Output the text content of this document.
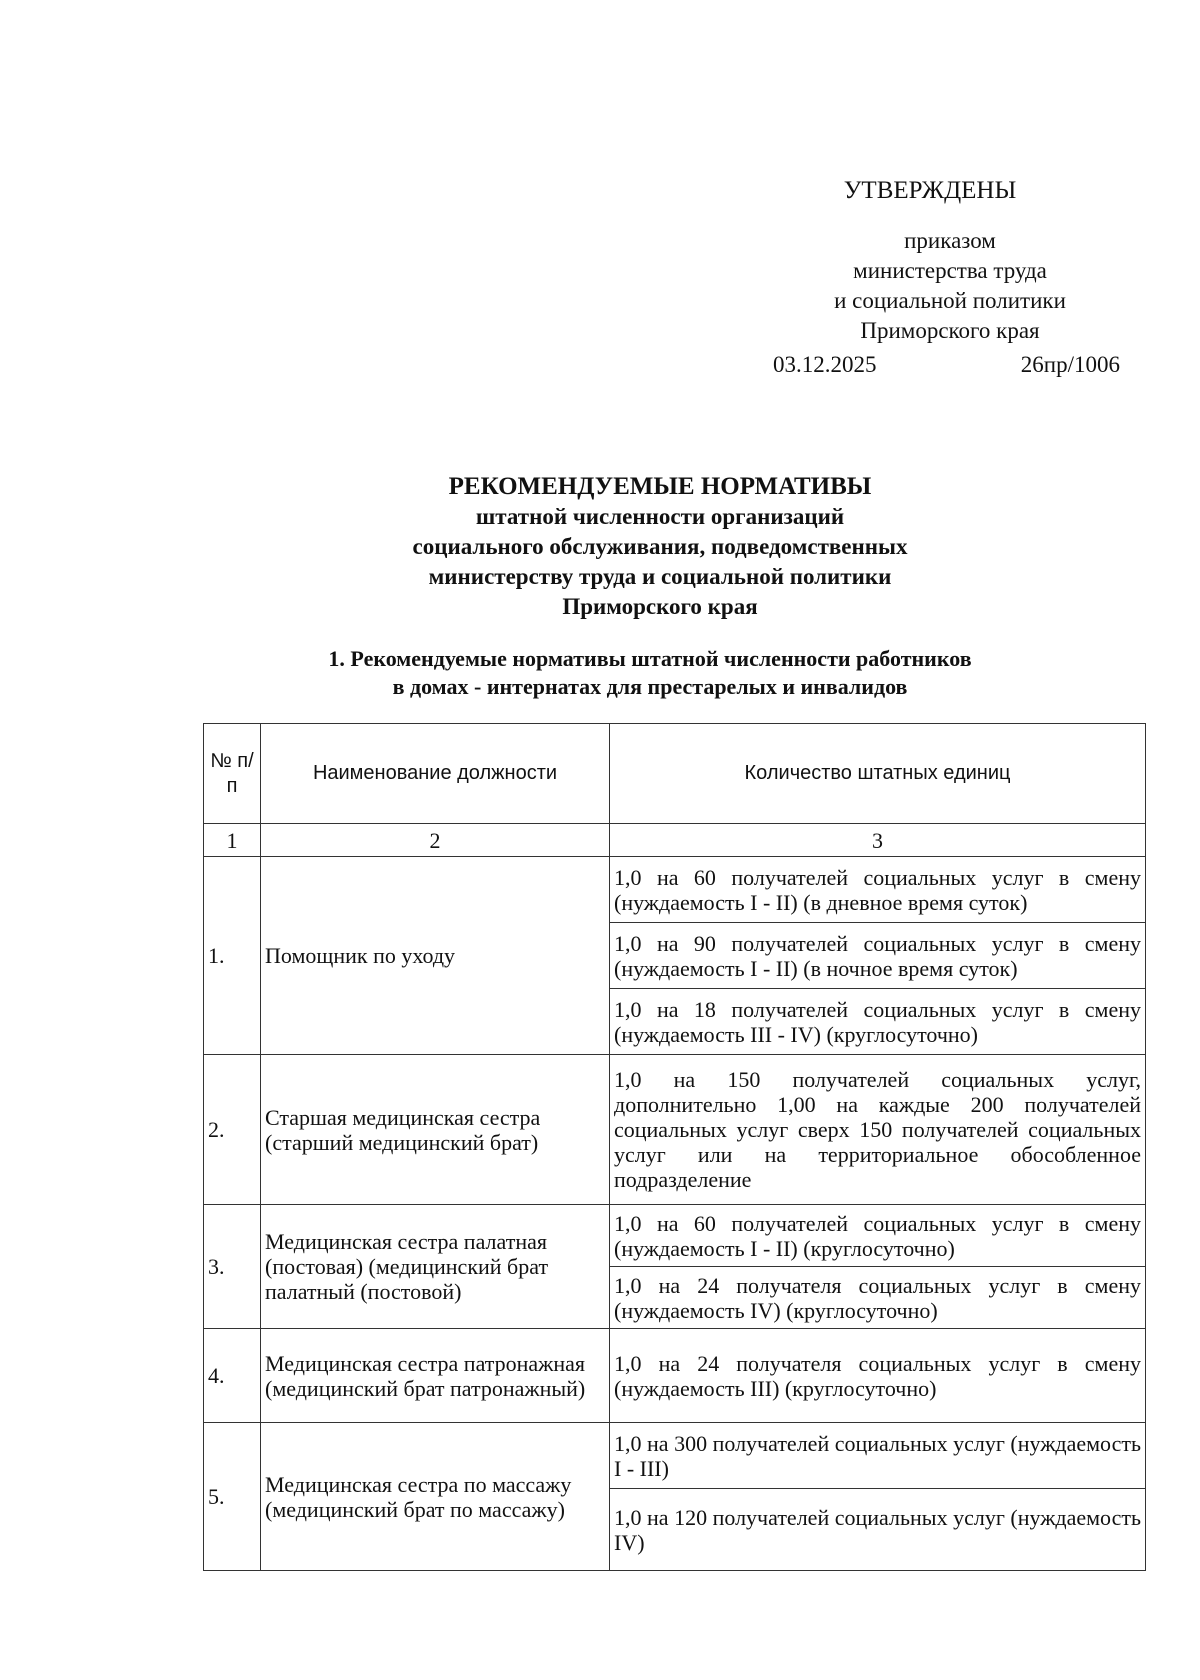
УТВЕРЖДЕНЫ
приказом
министерства труда
и социальной политики
Приморского края
03.12.2025	26пр/1006
РЕКОМЕНДУЕМЫЕ НОРМАТИВЫ
штатной численности организаций
социального обслуживания, подведомственных
министерству труда и социальной политики
Приморского края
1. Рекомендуемые нормативы штатной численности работников
в домах - интернатах для престарелых и инвалидов
№ п/п	Наименование должности	Количество штатных единиц
1	2	3
1.	Помощник по уходу	1,0 на 60 получателей социальных услуг в смену (нуждаемость I - II) (в дневное время суток)
		1,0 на 90 получателей социальных услуг в смену (нуждаемость I - II) (в ночное время суток)
		1,0 на 18 получателей социальных услуг в смену (нуждаемость III - IV) (круглосуточно)
2.	Старшая медицинская сестра (старший медицинский брат)	1,0 на 150 получателей социальных услуг, дополнительно 1,00 на каждые 200 получателей социальных услуг сверх 150 получателей социальных услуг или на территориальное обособленное подразделение
3.	Медицинская сестра палатная (постовая) (медицинский брат палатный (постовой)	1,0 на 60 получателей социальных услуг в смену (нуждаемость I - II) (круглосуточно)
		1,0 на 24 получателя социальных услуг в смену (нуждаемость IV) (круглосуточно)
4.	Медицинская сестра патронажная (медицинский брат патронажный)	1,0 на 24 получателя социальных услуг в смену (нуждаемость III) (круглосуточно)
5.	Медицинская сестра по массажу (медицинский брат по массажу)	1,0 на 300 получателей социальных услуг (нуждаемость I - III)
		1,0 на 120 получателей социальных услуг (нуждаемость IV)
